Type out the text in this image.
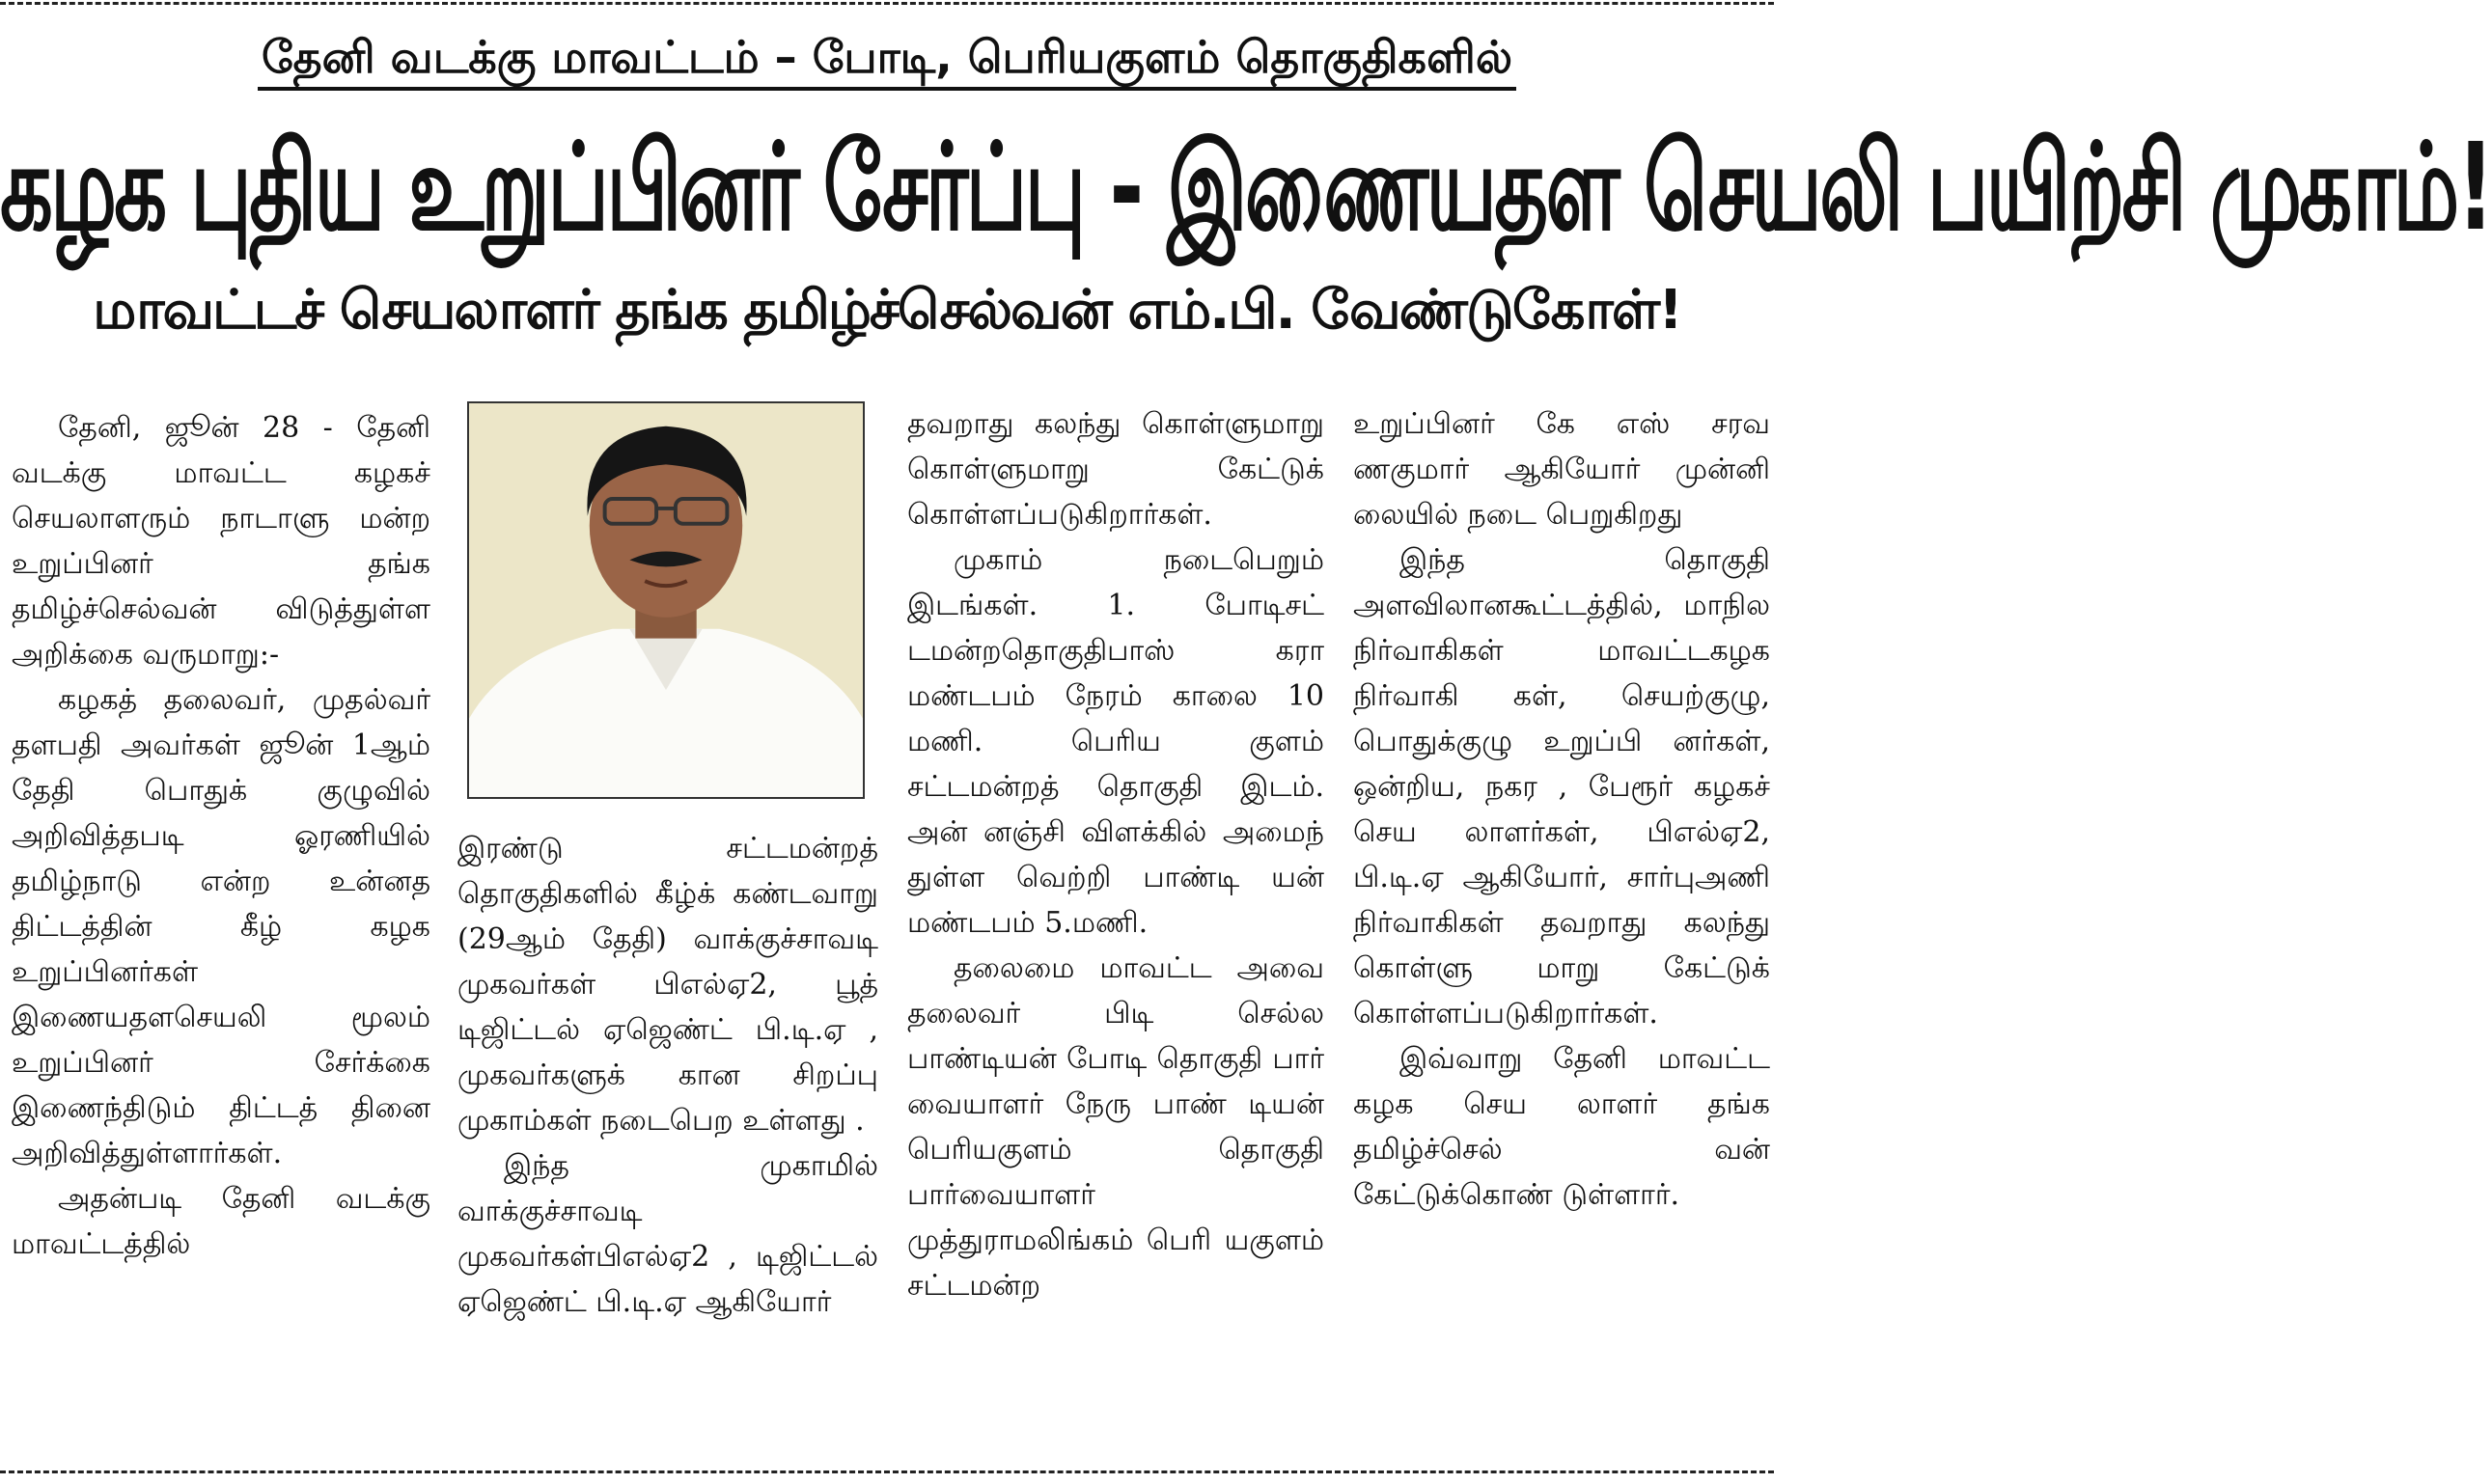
தேனி வடக்கு மாவட்டம் – போடி, பெரியகுளம் தொகுதிகளில்
கழக புதிய உறுப்பினர் சேர்ப்பு - இணையதள செயலி பயிற்சி முகாம்!
மாவட்டச் செயலாளர் தங்க தமிழ்ச்செல்வன் எம்.பி. வேண்டுகோள்!

தேனி, ஜூன் 28 - தேனி வடக்கு மாவட்ட கழகச் செயலாளரும் நாடாளு மன்ற உறுப்பினர் தங்க தமிழ்ச்செல்வன் விடுத்துள்ள அறிக்கை வருமாறு:-

கழகத் தலைவர், முதல்வர் தளபதி அவர்கள் ஜூன் 1ஆம் தேதி பொதுக் குழுவில் அறிவித்தபடி ஓரணியில் தமிழ்நாடு என்ற உன்னத திட்டத்தின் கீழ் கழக உறுப்பினர்கள் இணையதளசெயலி மூலம் உறுப்பினர் சேர்க்கை இணைந்திடும் திட்டத் தினை அறிவித்துள்ளார்கள்.

அதன்படி தேனி வடக்கு மாவட்டத்தில்

இரண்டு சட்டமன்றத் தொகுதிகளில் கீழ்க் கண்டவாறு (29ஆம் தேதி) வாக்குச்சாவடி முகவர்கள் பிஎல்ஏ2, பூத் டிஜிட்டல் ஏஜெண்ட் பி.டி.ஏ , முகவர்களுக் கான சிறப்பு முகாம்கள் நடைபெற உள்ளது .

இந்த முகாமில் வாக்குச்சாவடி முகவர்கள்பிஎல்ஏ2 , டிஜிட்டல் ஏஜெண்ட் பி.டி.ஏ ஆகியோர்

தவறாது கலந்து கொள்ளுமாறு கொள்ளுமாறு கேட்டுக் கொள்ளப்படுகிறார்கள்.

முகாம் நடைபெறும் இடங்கள். 1. போடிசட் டமன்றதொகுதிபாஸ் கரா மண்டபம் நேரம் காலை 10 மணி. பெரிய குளம் சட்டமன்றத் தொகுதி இடம். அன் னஞ்சி விளக்கில் அமைந் துள்ள வெற்றி பாண்டி யன் மண்டபம் 5.மணி.

தலைமை மாவட்ட அவை தலைவர் பிடி செல்ல பாண்டியன் போடி தொகுதி பார் வையாளர் நேரு பாண் டியன் பெரியகுளம் தொகுதி பார்வையாளர் முத்துராமலிங்கம் பெரி யகுளம் சட்டமன்ற

உறுப்பினர் கே எஸ் சரவ ணகுமார் ஆகியோர் முன்னி லையில் நடை பெறுகிறது

இந்த தொகுதி அளவிலானகூட்டத்தில், மாநில நிர்வாகிகள் மாவட்டகழக நிர்வாகி கள், செயற்குழு, பொதுக்குழு உறுப்பி னர்கள், ஒன்றிய, நகர , பேரூர் கழகச் செய லாளர்கள், பிஎல்ஏ2, பி.டி.ஏ ஆகியோர், சார்புஅணி நிர்வாகிகள் தவறாது கலந்து கொள்ளு மாறு கேட்டுக் கொள்ளப்படுகிறார்கள்.

இவ்வாறு தேனி மாவட்ட கழக செய லாளர் தங்க தமிழ்ச்செல் வன் கேட்டுக்கொண் டுள்ளார்.
